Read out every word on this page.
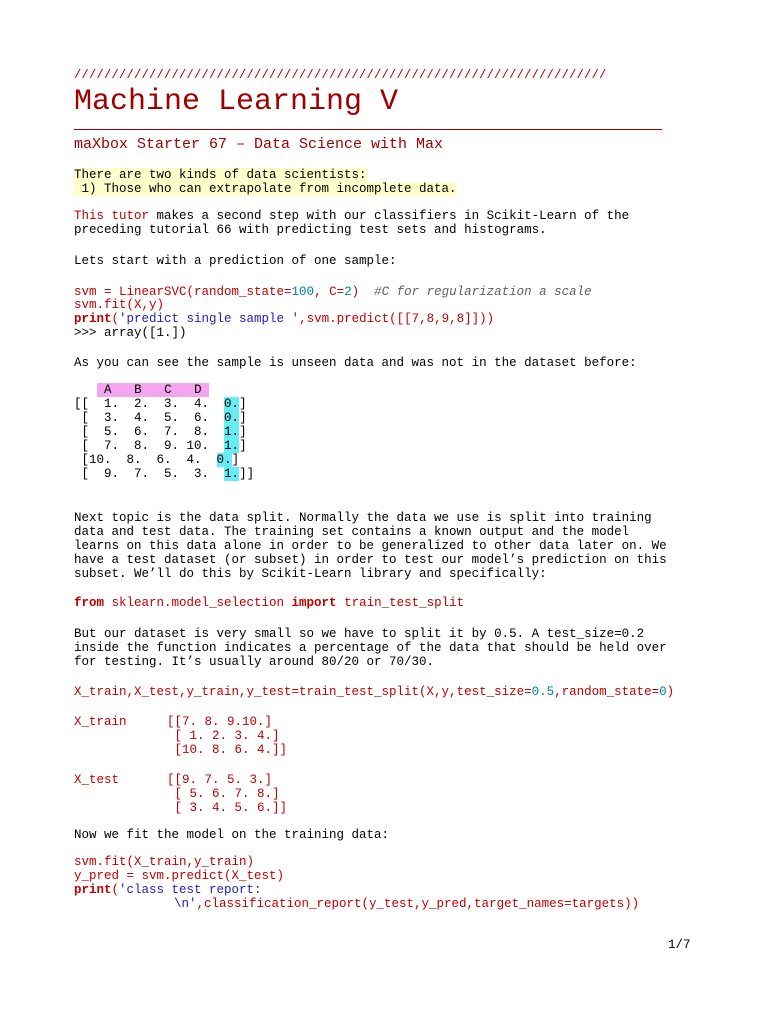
///////////////////////////////////////////////////////////////////////
Machine Learning V
maXbox Starter 67 – Data Science with Max
There are two kinds of data scientists:
1) Those who can extrapolate from incomplete data.
This tutor makes a second step with our classifiers in Scikit-Learn of the
preceding tutorial 66 with predicting test sets and histograms.
Lets start with a prediction of one sample:
svm = LinearSVC(random_state=100, C=2)  #C for regularization a scale
svm.fit(X,y)
print('predict single sample ',svm.predict([[7,8,9,8]]))
>>> array([1.])
As you can see the sample is unseen data and was not in the dataset before:
A B C D
[[  1.  2.  3.  4.  0.]
[  3.  4.  5.  6.  0.]
[  5.  6.  7.  8.  1.]
[  7.  8.  9. 10.  1.]
[10.  8.  6.  4.  0.]
[  9.  7.  5.  3.  1.]]
Next topic is the data split. Normally the data we use is split into training
data and test data. The training set contains a known output and the model
learns on this data alone in order to be generalized to other data later on. We
have a test dataset (or subset) in order to test our model’s prediction on this
subset. We’ll do this by Scikit-Learn library and specifically:
from sklearn.model_selection import train_test_split
But our dataset is very small so we have to split it by 0.5. A test_size=0.2
inside the function indicates a percentage of the data that should be held over
for testing. It’s usually around 80/20 or 70/30.
X_train,X_test,y_train,y_test=train_test_split(X,y,test_size=0.5,random_state=0)
X_train	[[7. 8. 9.10.]
[ 1. 2. 3. 4.]
[10. 8. 6. 4.]]
X_test	[[9. 7. 5. 3.]
[ 5. 6. 7. 8.]
[ 3. 4. 5. 6.]]
Now we fit the model on the training data:
svm.fit(X_train,y_train)
y_pred = svm.predict(X_test)
print('class test report:
\n',classification_report(y_test,y_pred,target_names=targets))
1/7
